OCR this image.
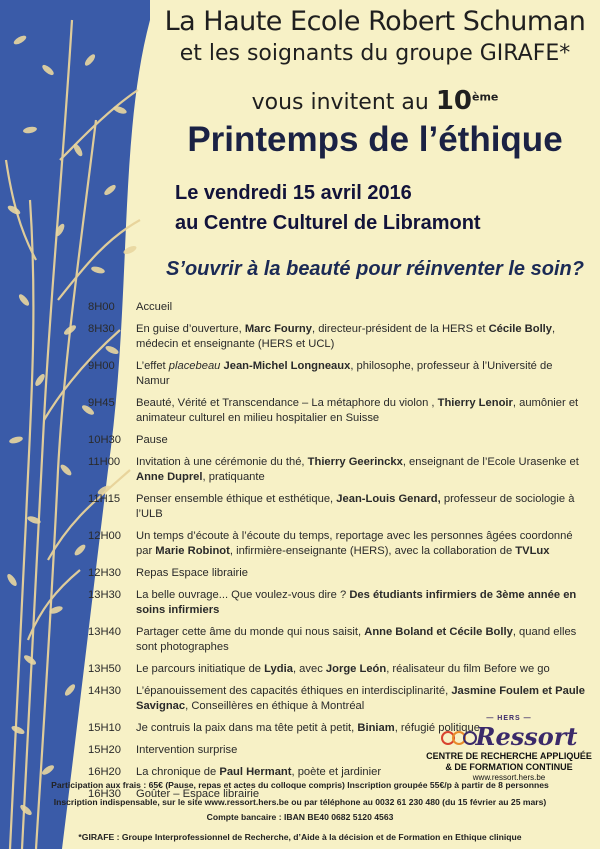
La Haute Ecole Robert Schuman
et les soignants du groupe GIRAFE*
vous invitent au 10ème
Printemps de l’éthique
Le vendredi 15 avril 2016
au Centre Culturel de Libramont
S’ouvrir à la beauté pour réinventer le soin?
8H00	Accueil
8H30	En guise d’ouverture, Marc Fourny, directeur-président de la HERS et Cécile Bolly, médecin et enseignante (HERS et UCL)
9H00	L’effet placebeau Jean-Michel Longneaux, philosophe, professeur à l’Université de Namur
9H45	Beauté, Vérité et Transcendance – La métaphore du violon , Thierry Lenoir, aumônier et animateur culturel en milieu hospitalier en Suisse
10H30	Pause
11H00	Invitation à une cérémonie du thé, Thierry Geerinckx, enseignant de l’Ecole Urasenke et Anne Duprel, pratiquante
11H15	Penser ensemble éthique et esthétique, Jean-Louis Genard, professeur de sociologie à l’ULB
12H00	Un temps d’écoute à l’écoute du temps, reportage avec les personnes âgées coordonné par Marie Robinot, infirmière-enseignante (HERS), avec la collaboration de TVLux
12H30	Repas Espace librairie
13H30	La belle ouvrage... Que voulez-vous dire ? Des étudiants infirmiers de 3ème année en soins infirmiers
13H40	Partager cette âme du monde qui nous saisit, Anne Boland et Cécile Bolly, quand elles sont photographes
13H50	Le parcours initiatique de Lydia, avec Jorge León, réalisateur du film Before we go
14H30	L’épanouissement des capacités éthiques en interdisciplinarité, Jasmine Foulem et Paule Savignac, Conseillères en éthique à Montréal
15H10	Je contruis la paix dans ma tête petit à petit, Biniam, réfugié politique
15H20	Intervention surprise
16H20	La chronique de Paul Hermant, poète et jardinier
16H30	Goûter – Espace librairie
— HERS —
Ressort
CENTRE DE RECHERCHE APPLIQUÉE
& DE FORMATION CONTINUE
www.ressort.hers.be
Participation aux frais : 65€ (Pause, repas et actes du colloque compris) Inscription groupée 55€/p à partir de 8 personnes
Inscription indispensable, sur le site www.ressort.hers.be ou par téléphone au 0032 61 230 480 (du 15 février au 25 mars)
Compte bancaire : IBAN BE40 0682 5120 4563
*GIRAFE : Groupe Interprofessionnel de Recherche, d’Aide à la décision et de Formation en Ethique clinique
